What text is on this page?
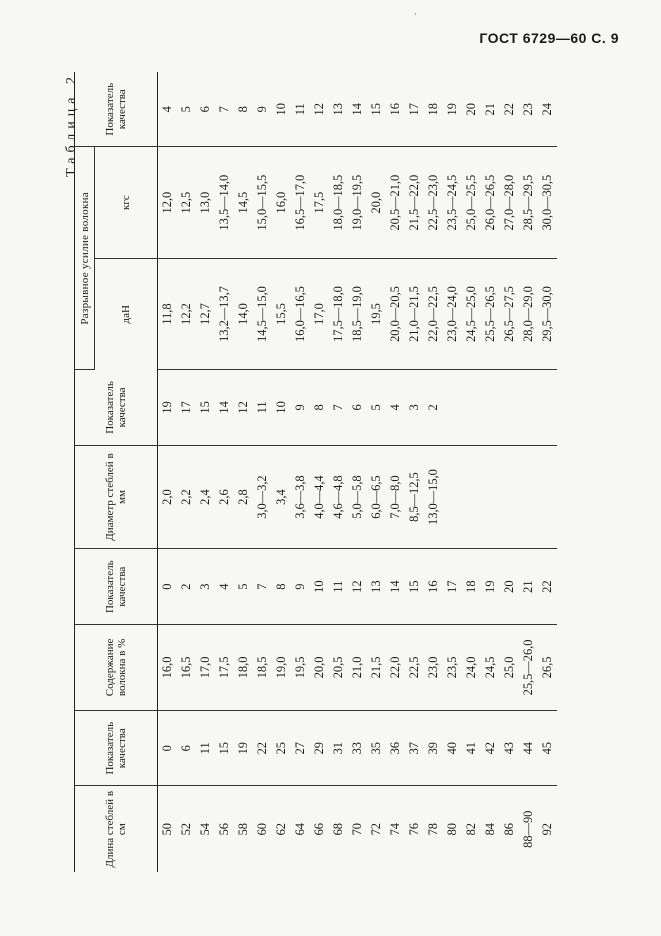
·
ГОСТ 6729—60 С. 9
Таблица 2
Длина стеблей в см	Показатель качества	Содержание волокна в %	Показатель качества	Диаметр стеблей в мм	Показатель качества	Разрывное усилие волокна		Показатель качества
						даН	кгс	
50	0	16,0	0	2,0	19	11,8	12,0	4
52	6	16,5	2	2,2	17	12,2	12,5	5
54	11	17,0	3	2,4	15	12,7	13,0	6
56	15	17,5	4	2,6	14	13,2—13,7	13,5—14,0	7
58	19	18,0	5	2,8	12	14,0	14,5	8
60	22	18,5	7	3,0—3,2	11	14,5—15,0	15,0—15,5	9
62	25	19,0	8	3,4	10	15,5	16,0	10
64	27	19,5	9	3,6—3,8	9	16,0—16,5	16,5—17,0	11
66	29	20,0	10	4,0—4,4	8	17,0	17,5	12
68	31	20,5	11	4,6—4,8	7	17,5—18,0	18,0—18,5	13
70	33	21,0	12	5,0—5,8	6	18,5—19,0	19,0—19,5	14
72	35	21,5	13	6,0—6,5	5	19,5	20,0	15
74	36	22,0	14	7,0—8,0	4	20,0—20,5	20,5—21,0	16
76	37	22,5	15	8,5—12,5	3	21,0—21,5	21,5—22,0	17
78	39	23,0	16	13,0—15,0	2	22,0—22,5	22,5—23,0	18
80	40	23,5	17			23,0—24,0	23,5—24,5	19
82	41	24,0	18			24,5—25,0	25,0—25,5	20
84	42	24,5	19			25,5—26,5	26,0—26,5	21
86	43	25,0	20			26,5—27,5	27,0—28,0	22
88—90	44	25,5—26,0	21			28,0—29,0	28,5—29,5	23
92	45	26,5	22			29,5—30,0	30,0—30,5	24
